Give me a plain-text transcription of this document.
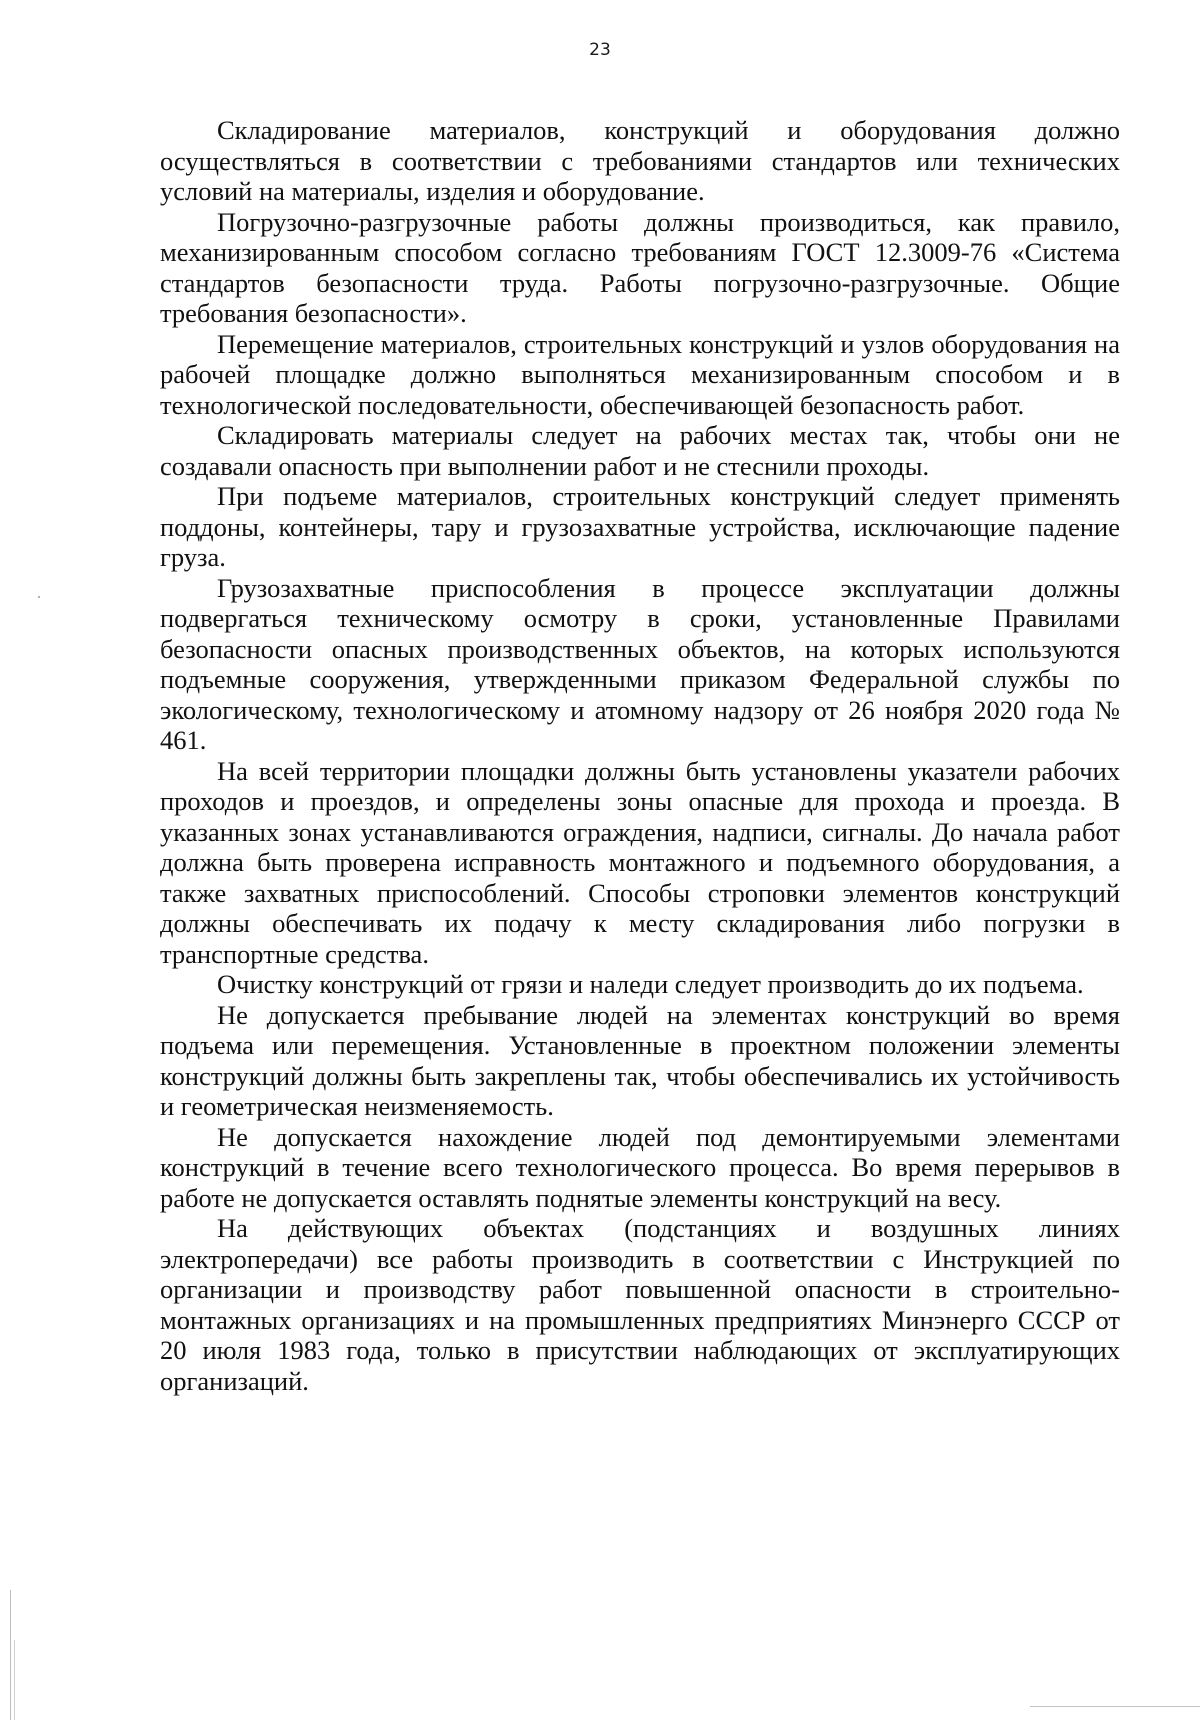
23

Складирование материалов, конструкций и оборудования должно осуществляться в соответствии с требованиями стандартов или технических условий на материалы, изделия и оборудование.

Погрузочно-разгрузочные работы должны производиться, как правило, механизированным способом согласно требованиям ГОСТ 12.3009-76 «Система стандартов безопасности труда. Работы погрузочно-разгрузочные. Общие требования безопасности».

Перемещение материалов, строительных конструкций и узлов оборудования на рабочей площадке должно выполняться механизированным способом и в технологической последовательности, обеспечивающей безопасность работ.

Складировать материалы следует на рабочих местах так, чтобы они не создавали опасность при выполнении работ и не стеснили проходы.

При подъеме материалов, строительных конструкций следует применять поддоны, контейнеры, тару и грузозахватные устройства, исключающие падение груза.

Грузозахватные приспособления в процессе эксплуатации должны подвергаться техническому осмотру в сроки, установленные Правилами безопасности опасных производственных объектов, на которых используются подъемные сооружения, утвержденными приказом Федеральной службы по экологическому, технологическому и атомному надзору от 26 ноября 2020 года № 461.

На всей территории площадки должны быть установлены указатели рабочих проходов и проездов, и определены зоны опасные для прохода и проезда. В указанных зонах устанавливаются ограждения, надписи, сигналы. До начала работ должна быть проверена исправность монтажного и подъемного оборудования, а также захватных приспособлений. Способы строповки элементов конструкций должны обеспечивать их подачу к месту складирования либо погрузки в транспортные средства.

Очистку конструкций от грязи и наледи следует производить до их подъема.

Не допускается пребывание людей на элементах конструкций во время подъема или перемещения. Установленные в проектном положении элементы конструкций должны быть закреплены так, чтобы обеспечивались их устойчивость и геометрическая неизменяемость.

Не допускается нахождение людей под демонтируемыми элементами конструкций в течение всего технологического процесса. Во время перерывов в работе не допускается оставлять поднятые элементы конструкций на весу.

На действующих объектах (подстанциях и воздушных линиях электропередачи) все работы производить в соответствии с Инструкцией по организации и производству работ повышенной опасности в строительно-монтажных организациях и на промышленных предприятиях Минэнерго СССР от 20 июля 1983 года, только в присутствии наблюдающих от эксплуатирующих организаций.
